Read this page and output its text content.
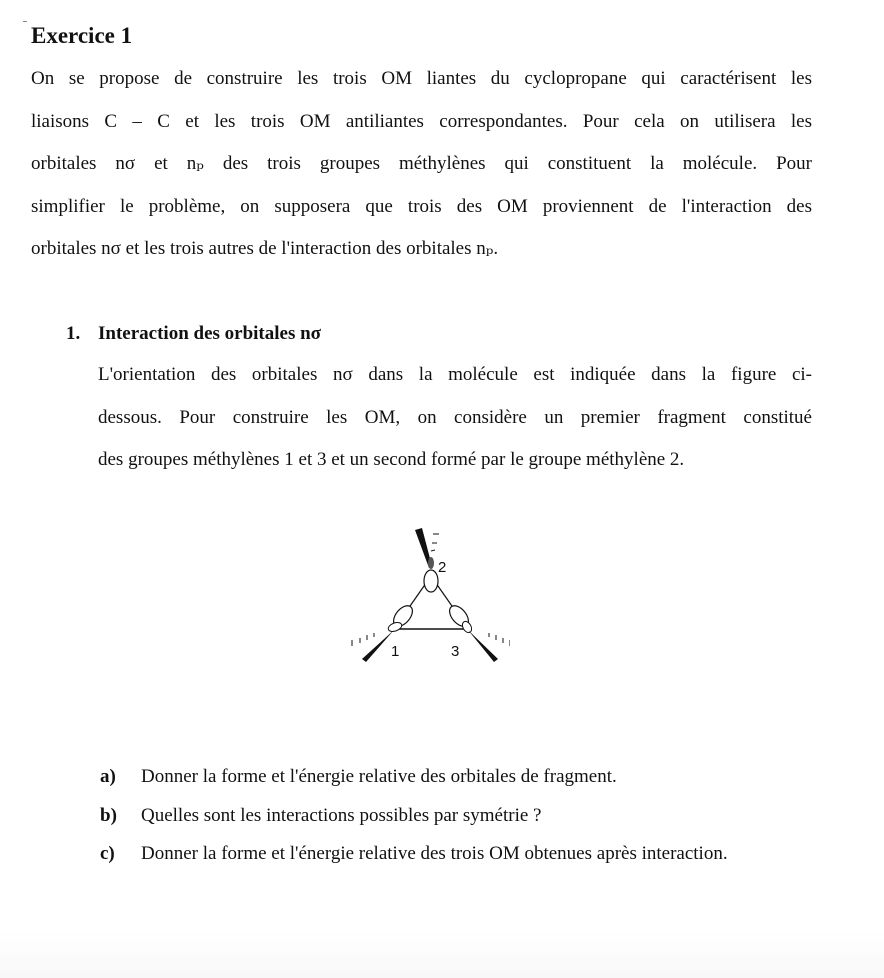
Exercice 1
On se propose de construire les trois OM liantes du cyclopropane qui caractérisent les
liaisons C – C et les trois OM antiliantes correspondantes. Pour cela on utilisera les
orbitales nσ et nₚ des trois groupes méthylènes qui constituent la molécule. Pour
simplifier le problème, on supposera que trois des OM proviennent de l'interaction des
orbitales nσ et les trois autres de l'interaction des orbitales nₚ.
1. Interaction des orbitales nσ
L'orientation des orbitales nσ dans la molécule est indiquée dans la figure ci-
dessous. Pour construire les OM, on considère un premier fragment constitué
des groupes méthylènes 1 et 3 et un second formé par le groupe méthylène 2.
2
1	3
a) Donner la forme et l'énergie relative des orbitales de fragment.
b) Quelles sont les interactions possibles par symétrie ?
c) Donner la forme et l'énergie relative des trois OM obtenues après interaction.
